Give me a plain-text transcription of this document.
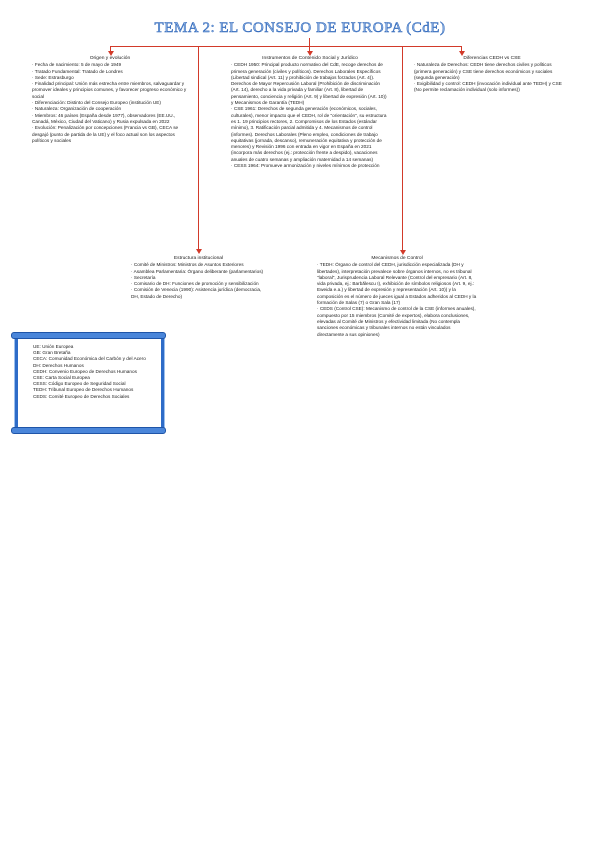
TEMA 2: EL CONSEJO DE EUROPA (CdE)
Origen y evolución

· Fecha de nacimiento: 5 de mayo de 1949
· Tratado Fundamental: Tratado de Londres
· Sede: Estrasburgo
· Finalidad principal: Unión más estrecha entre miembros, salvaguardar y promover ideales y principios comunes, y favorecer progreso económico y social
· Diferenciación: Distinto del Consejo Europeo (institución UE)
· Naturaleza: Organización de cooperación
· Miembros: 46 países (España desde 1977), observadores (EE.UU., Canadá, México, Ciudad del Vaticano) y Rusia expulsada en 2022
· Evolución: Penalización por concepciones (Francia vs GB), CECA se desgajó (punto de partida de la UE) y el foco actual son los aspectos políticos y sociales

Instrumentos de Contenido Social y Jurídico

· CEDH 1950: Principal producto normativo del CdE, recoge derechos de primera generación (civiles y políticos). Derechos Laborales Específicos (Libertad sindical (Art. 11) y prohibición de trabajos forzados (Art. 4)). Derechos de Mayor Repercusión Laboral (Prohibición de discriminación (Art. 14), derecho a la vida privada y familiar (Art. 8), libertad de pensamiento, conciencia y religión (Art. 9) y libertad de expresión (Art. 10)) y Mecanismos de Garantía (TEDH)
· CSE 1961: Derechos de segunda generación (económicos, sociales, culturales), menor impacto que el CEDH, rol de "orientación", su estructura es 1. 19 principios rectores, 2. Compromisos de los Estados (estándar mínimo), 3. Ratificación parcial admitida y 4. Mecanismos de control (informes). Derechos Laborales (Pleno empleo, condiciones de trabajo equitativas (jornada, descanso), remuneración equitativa y protección de menores) y Revisión 1996 con entrada en vigor en España en 2021 (incorpora más derechos (ej.: protección frente a despido), vacaciones anuales de cuatro semanas y ampliación maternidad a 14 semanas)
· CESS 1964: Promueve armonización y niveles mínimos de protección

Diferencias CEDH vs CSE

· Naturaleza de Derechos: CEDH tiene derechos civiles y políticos (primera generación) y CSE tiene derechos económicos y sociales (segunda generación)
· Exigibilidad y control: CEDH (invocación individual ante TEDH) y CSE (No permite reclamación individual (solo informes))

Estructura institucional

· Comité de Ministros: Ministros de Asuntos Exteriores
· Asamblea Parlamentaria: Órgano deliberante (parlamentarios)
· Secretaría
· Comisario de DH: Funciones de promoción y sensibilización
· Comisión de Venecia (1990): Asistencia jurídica (democracia, DH, Estado de Derecho)

Mecanismos de Control

· TEDH: Órgano de control del CEDH, jurisdicción especializada (DH y libertades), interpretación prevalece sobre órganos internos, no es tribunal "laboral", Jurisprudencia Laboral Relevante (Control del empresario (Art. 8, vida privada, ej.: Barbălescu I), exhibición de símbolos religiosos (Art. 9, ej.: Eweida e.a.) y libertad de expresión y representación (Art. 10)) y la composición es el número de jueces igual a Estados adheridos al CEDH y la formación de Salas (7) o Gran Sala (17)
· CEDS (Control CSE): Mecanismo de control de la CSE (informes anuales), compuesto por 15 miembros (Comité de expertos), elabora conclusiones, elevadas al Comité de Ministros y efectividad limitada (No contempla sanciones económicas y tribunales internos no están vinculados directamente a sus opiniones)

UE: Unión Europea
GB: Gran Bretaña
CECA: Comunidad Económica del Carbón y del Acero
DH: Derechos Humanos
CEDH: Convenio Europeo de Derechos Humanos
CSE: Carta Social Europea
CESS: Código Europeo de Seguridad Social
TEDH: Tribunal Europeo de Derechos Humanos
CEDS: Comité Europeo de Derechos Sociales
